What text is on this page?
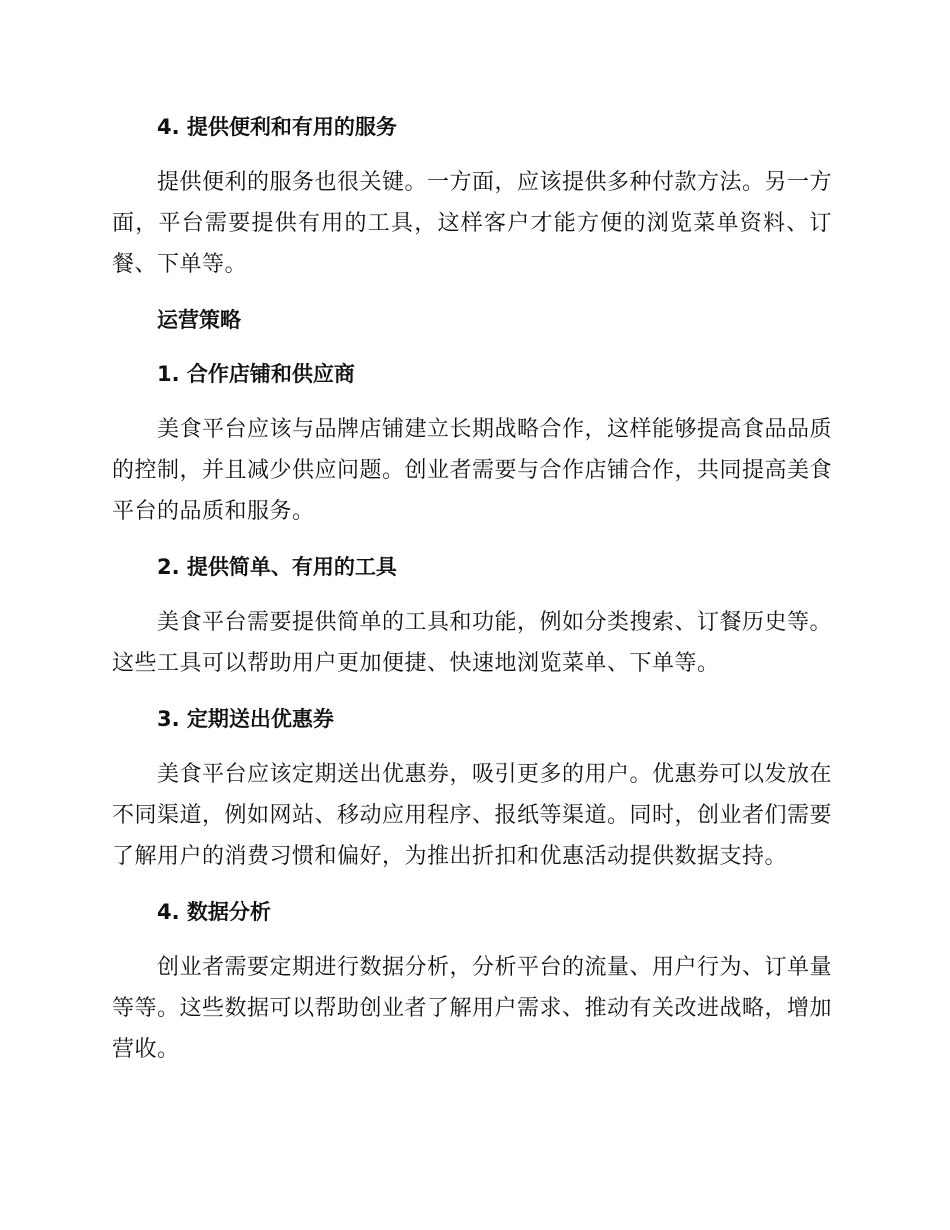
4. 提供便利和有用的服务

提供便利的服务也很关键。一方面，应该提供多种付款方法。另一方面，平台需要提供有用的工具，这样客户才能方便的浏览菜单资料、订餐、下单等。

运营策略
1. 合作店铺和供应商

美食平台应该与品牌店铺建立长期战略合作，这样能够提高食品品质的控制，并且减少供应问题。创业者需要与合作店铺合作，共同提高美食平台的品质和服务。

2. 提供简单、有用的工具

美食平台需要提供简单的工具和功能，例如分类搜索、订餐历史等。这些工具可以帮助用户更加便捷、快速地浏览菜单、下单等。

3. 定期送出优惠券

美食平台应该定期送出优惠券，吸引更多的用户。优惠券可以发放在不同渠道，例如网站、移动应用程序、报纸等渠道。同时，创业者们需要了解用户的消费习惯和偏好，为推出折扣和优惠活动提供数据支持。

4. 数据分析

创业者需要定期进行数据分析，分析平台的流量、用户行为、订单量等等。这些数据可以帮助创业者了解用户需求、推动有关改进战略，增加营收。
